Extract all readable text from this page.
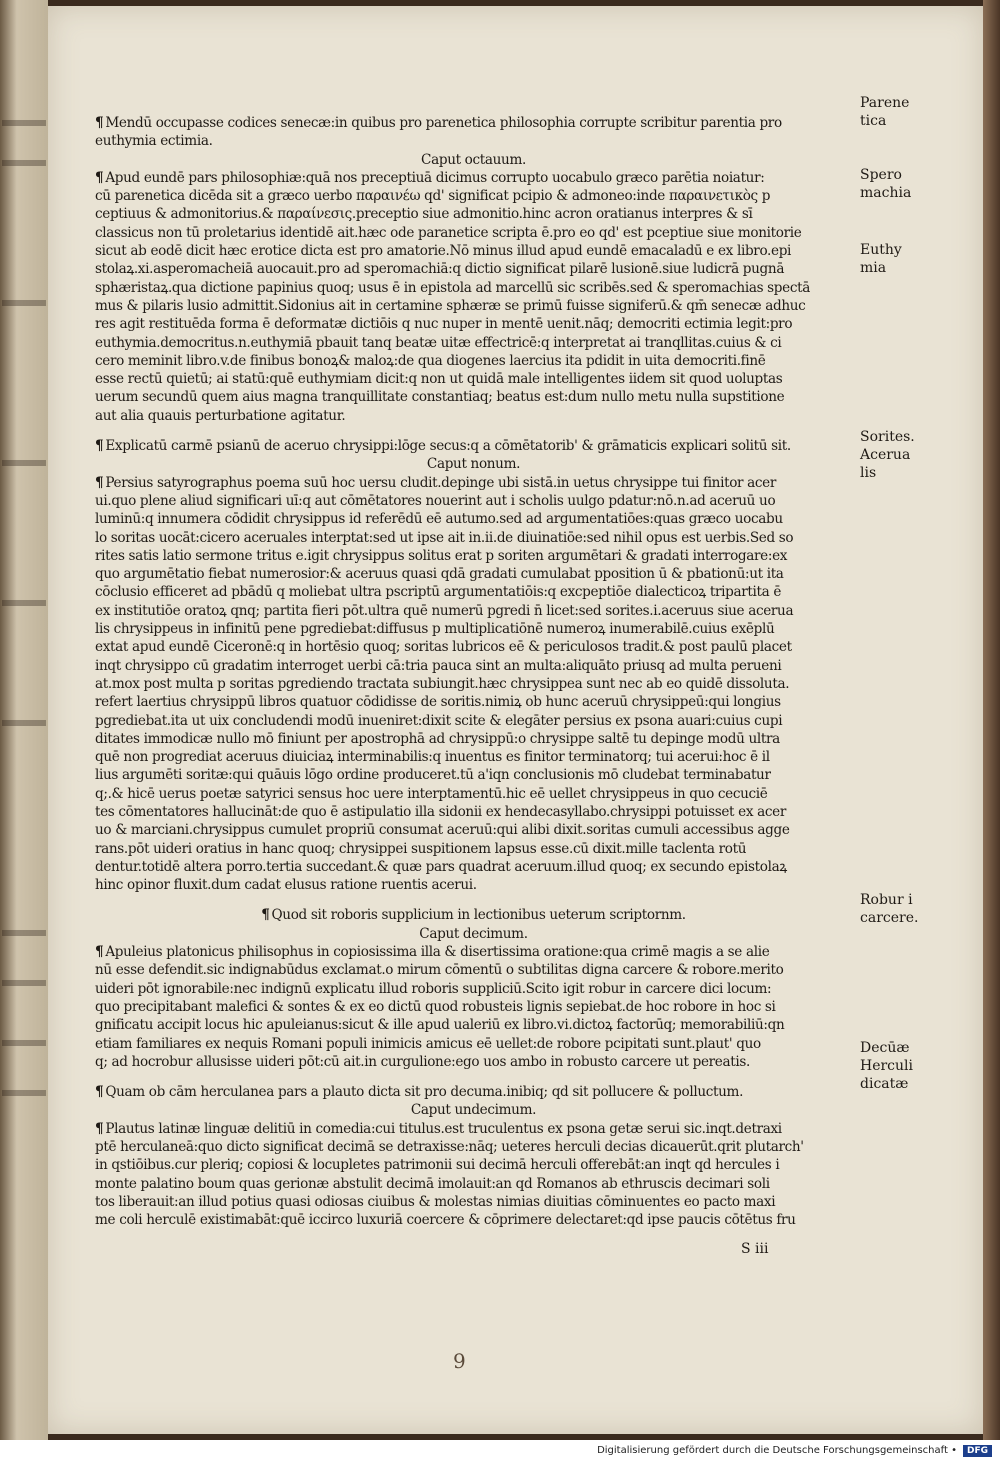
¶ Mendū occupasse codices senecæ:in quibus pro parenetica philosophia corrupte scribitur parentia pro
euthymia ectimia.
Caput octauum.
¶ Apud eundē pars philosophiæ:quā nos preceptiuā dicimus corrupto uocabulo græco parētia noiatur:
cū parenetica dicēda sit a græco uerbo παραινέω qd' significat pcipio & admoneo:inde παραινετικὸς p
ceptiuus & admonitorius.& παραίνεσις.preceptio siue admonitio.hinc acron oratianus interpres & sī
classicus non tū proletarius identidē ait.hæc ode paranetice scripta ē.pro eo qd' est pceptiue siue monitorie
sicut ab eodē dicit hæc erotice dicta est pro amatorie.Nō minus illud apud eundē emacaladū e ex libro.epi
stolaꝝ.xi.asperomacheiā auocauit.pro ad speromachiā:q dictio significat pilarē lusionē.siue ludicrā pugnā
sphæristaꝝ.qua dictione papinius quoq; usus ē in epistola ad marcellū sic scribēs.sed & speromachias spectā
mus & pilaris lusio admittit.Sidonius ait in certamine sphæræ se primū fuisse signiferū.& qm̄ senecæ adhuc
res agit restituēda forma ē deformatæ dictiōis q nuc nuper in mentē uenit.nāq; democriti ectimia legit:pro
euthymia.democritus.n.euthymiā pbauit tanq beatæ uitæ effectricē:q interpretat ai tranqllitas.cuius & ci
cero meminit libro.v.de finibus bonoꝝ& maloꝝ:de qua diogenes laercius ita pdidit in uita democriti.finē
esse rectū quietū; ai statū:quē euthymiam dicit:q non ut quidā male intelligentes iidem sit quod uoluptas
uerum secundū quem aius magna tranquillitate constantiaq; beatus est:dum nullo metu nulla supstitione
aut alia quauis perturbatione agitatur.
¶ Explicatū carmē psianū de aceruo chrysippi:lōge secus:q a cōmētatorib' & grāmaticis explicari solitū sit.
Caput nonum.
¶ Persius satyrographus poema suū hoc uersu cludit.depinge ubi sistā.in uetus chrysippe tui finitor acer
ui.quo plene aliud significari uī:q aut cōmētatores nouerint aut i scholis uulgo pdatur:nō.n.ad aceruū uo
luminū:q innumera cōdidit chrysippus id referēdū eē autumo.sed ad argumentatiōes:quas græco uocabu
lo soritas uocāt:cicero aceruales interptat:sed ut ipse ait in.ii.de diuinatiōe:sed nihil opus est uerbis.Sed so
rites satis latio sermone tritus e.igit chrysippus solitus erat p soriten argumētari & gradati interrogare:ex
quo argumētatio fiebat numerosior:& aceruus quasi qdā gradati cumulabat pposition ū & pbationū:ut ita
cōclusio efficeret ad pbādū q moliebat ultra pscriptū argumentatiōis:q excpeptiōe dialecticoꝝ tripartita ē
ex institutiōe oratoꝝ qnq; partita fieri pōt.ultra quē numerū pgredi n̄ licet:sed sorites.i.aceruus siue acerua
lis chrysippeus in infinitū pene pgrediebat:diffusus p multiplicatiōnē numeroꝝ inumerabilē.cuius exēplū
extat apud eundē Ciceronē:q in hortēsio quoq; soritas lubricos eē & periculosos tradit.& post paulū placet
inqt chrysippo cū gradatim interroget uerbi cā:tria pauca sint an multa:aliquāto priusq ad multa perueni
at.mox post multa p soritas pgrediendo tractata subiungit.hæc chrysippea sunt nec ab eo quidē dissoluta.
refert laertius chrysippū libros quatuor cōdidisse de soritis.nimiꝝ ob hunc aceruū chrysippeū:qui longius
pgrediebat.ita ut uix concludendi modū inueniret:dixit scite & elegāter persius ex psona auari:cuius cupi
ditates immodicæ nullo mō finiunt per apostrophā ad chrysippū:o chrysippe saltē tu depinge modū ultra
quē non progrediat aceruus diuiciaꝝ interminabilis:q inuentus es finitor terminatorq; tui acerui:hoc ē il
lius argumēti soritæ:qui quāuis lōgo ordine produceret.tū a'iqn conclusionis mō cludebat terminabatur
q;.& hicē uerus poetæ satyrici sensus hoc uere interptamentū.hic eē uellet chrysippeus in quo cecuciē
tes cōmentatores hallucināt:de quo ē astipulatio illa sidonii ex hendecasyllabo.chrysippi potuisset ex acer
uo & marciani.chrysippus cumulet propriū consumat aceruū:qui alibi dixit.soritas cumuli accessibus agge
rans.pōt uideri oratius in hanc quoq; chrysippei suspitionem lapsus esse.cū dixit.mille taclenta rotū
dentur.totidē altera porro.tertia succedant.& quæ pars quadrat aceruum.illud quoq; ex secundo epistolaꝝ
hinc opinor fluxit.dum cadat elusus ratione ruentis acerui.
¶ Quod sit roboris supplicium in lectionibus ueterum scriptornm.
Caput decimum.
¶ Apuleius platonicus philisophus in copiosissima illa & disertissima oratione:qua crimē magis a se alie
nū esse defendit.sic indignabūdus exclamat.o mirum cōmentū o subtilitas digna carcere & robore.merito
uideri pōt ignorabile:nec indignū explicatu illud roboris suppliciū.Scito igit robur in carcere dici locum:
quo precipitabant malefici & sontes & ex eo dictū quod robusteis lignis sepiebat.de hoc robore in hoc si
gnificatu accipit locus hic apuleianus:sicut & ille apud ualeriū ex libro.vi.dictoꝝ factorūq; memorabiliū:qn
etiam familiares ex nequis Romani populi inimicis amicus eē uellet:de robore pcipitati sunt.plaut' quo
q; ad hocrobur allusisse uideri pōt:cū ait.in curgulione:ego uos ambo in robusto carcere ut pereatis.
¶ Quam ob cām herculanea pars a plauto dicta sit pro decuma.inibiq; qd sit pollucere & polluctum.
Caput undecimum.
¶ Plautus latinæ linguæ delitiū in comedia:cui titulus.est truculentus ex psona getæ serui sic.inqt.detraxi
ptē herculaneā:quo dicto significat decimā se detraxisse:nāq; ueteres herculi decias dicauerūt.qrit plutarch'
in qstiōibus.cur pleriq; copiosi & locupletes patrimonii sui decimā herculi offerebāt:an inqt qd hercules i
monte palatino boum quas gerionæ abstulit decimā imolauit:an qd Romanos ab ethruscis decimari soli
tos liberauit:an illud potius quasi odiosas ciuibus & molestas nimias diuitias cōminuentes eo pacto maxi
me coli herculē existimabāt:quē iccirco luxuriā coercere & cōprimere delectaret:qd ipse paucis cōtētus fru
Parene
tica
Spero
machia
Euthy
mia
Sorites.
Acerua
lis
Robur i
carcere.
Decūæ
Herculi
dicatæ
S iii
9
Digitalisierung gefördert durch die Deutsche Forschungsgemeinschaft •	DFG
